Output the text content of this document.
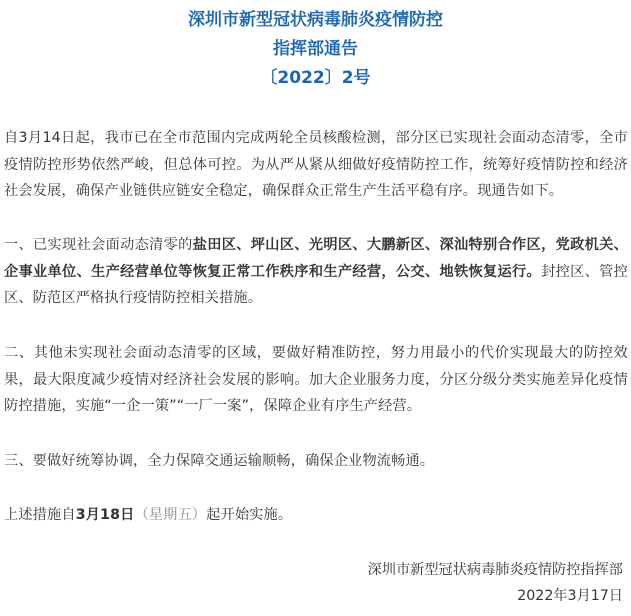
深圳市新型冠状病毒肺炎疫情防控
指挥部通告
〔2022〕2号

自3月14日起，我市已在全市范围内完成两轮全员核酸检测，部分区已实现社会面动态清零，全市疫情防控形势依然严峻，但总体可控。为从严从紧从细做好疫情防控工作，统筹好疫情防控和经济社会发展，确保产业链供应链安全稳定，确保群众正常生产生活平稳有序。现通告如下。

一、已实现社会面动态清零的盐田区、坪山区、光明区、大鹏新区、深汕特别合作区，党政机关、企事业单位、生产经营单位等恢复正常工作秩序和生产经营，公交、地铁恢复运行。封控区、管控区、防范区严格执行疫情防控相关措施。

二、其他未实现社会面动态清零的区域，要做好精准防控，努力用最小的代价实现最大的防控效果，最大限度减少疫情对经济社会发展的影响。加大企业服务力度，分区分级分类实施差异化疫情防控措施，实施“一企一策”“一厂一案”，保障企业有序生产经营。

三、要做好统筹协调，全力保障交通运输顺畅，确保企业物流畅通。

上述措施自3月18日（星期五）起开始实施。

深圳市新型冠状病毒肺炎疫情防控指挥部
2022年3月17日
